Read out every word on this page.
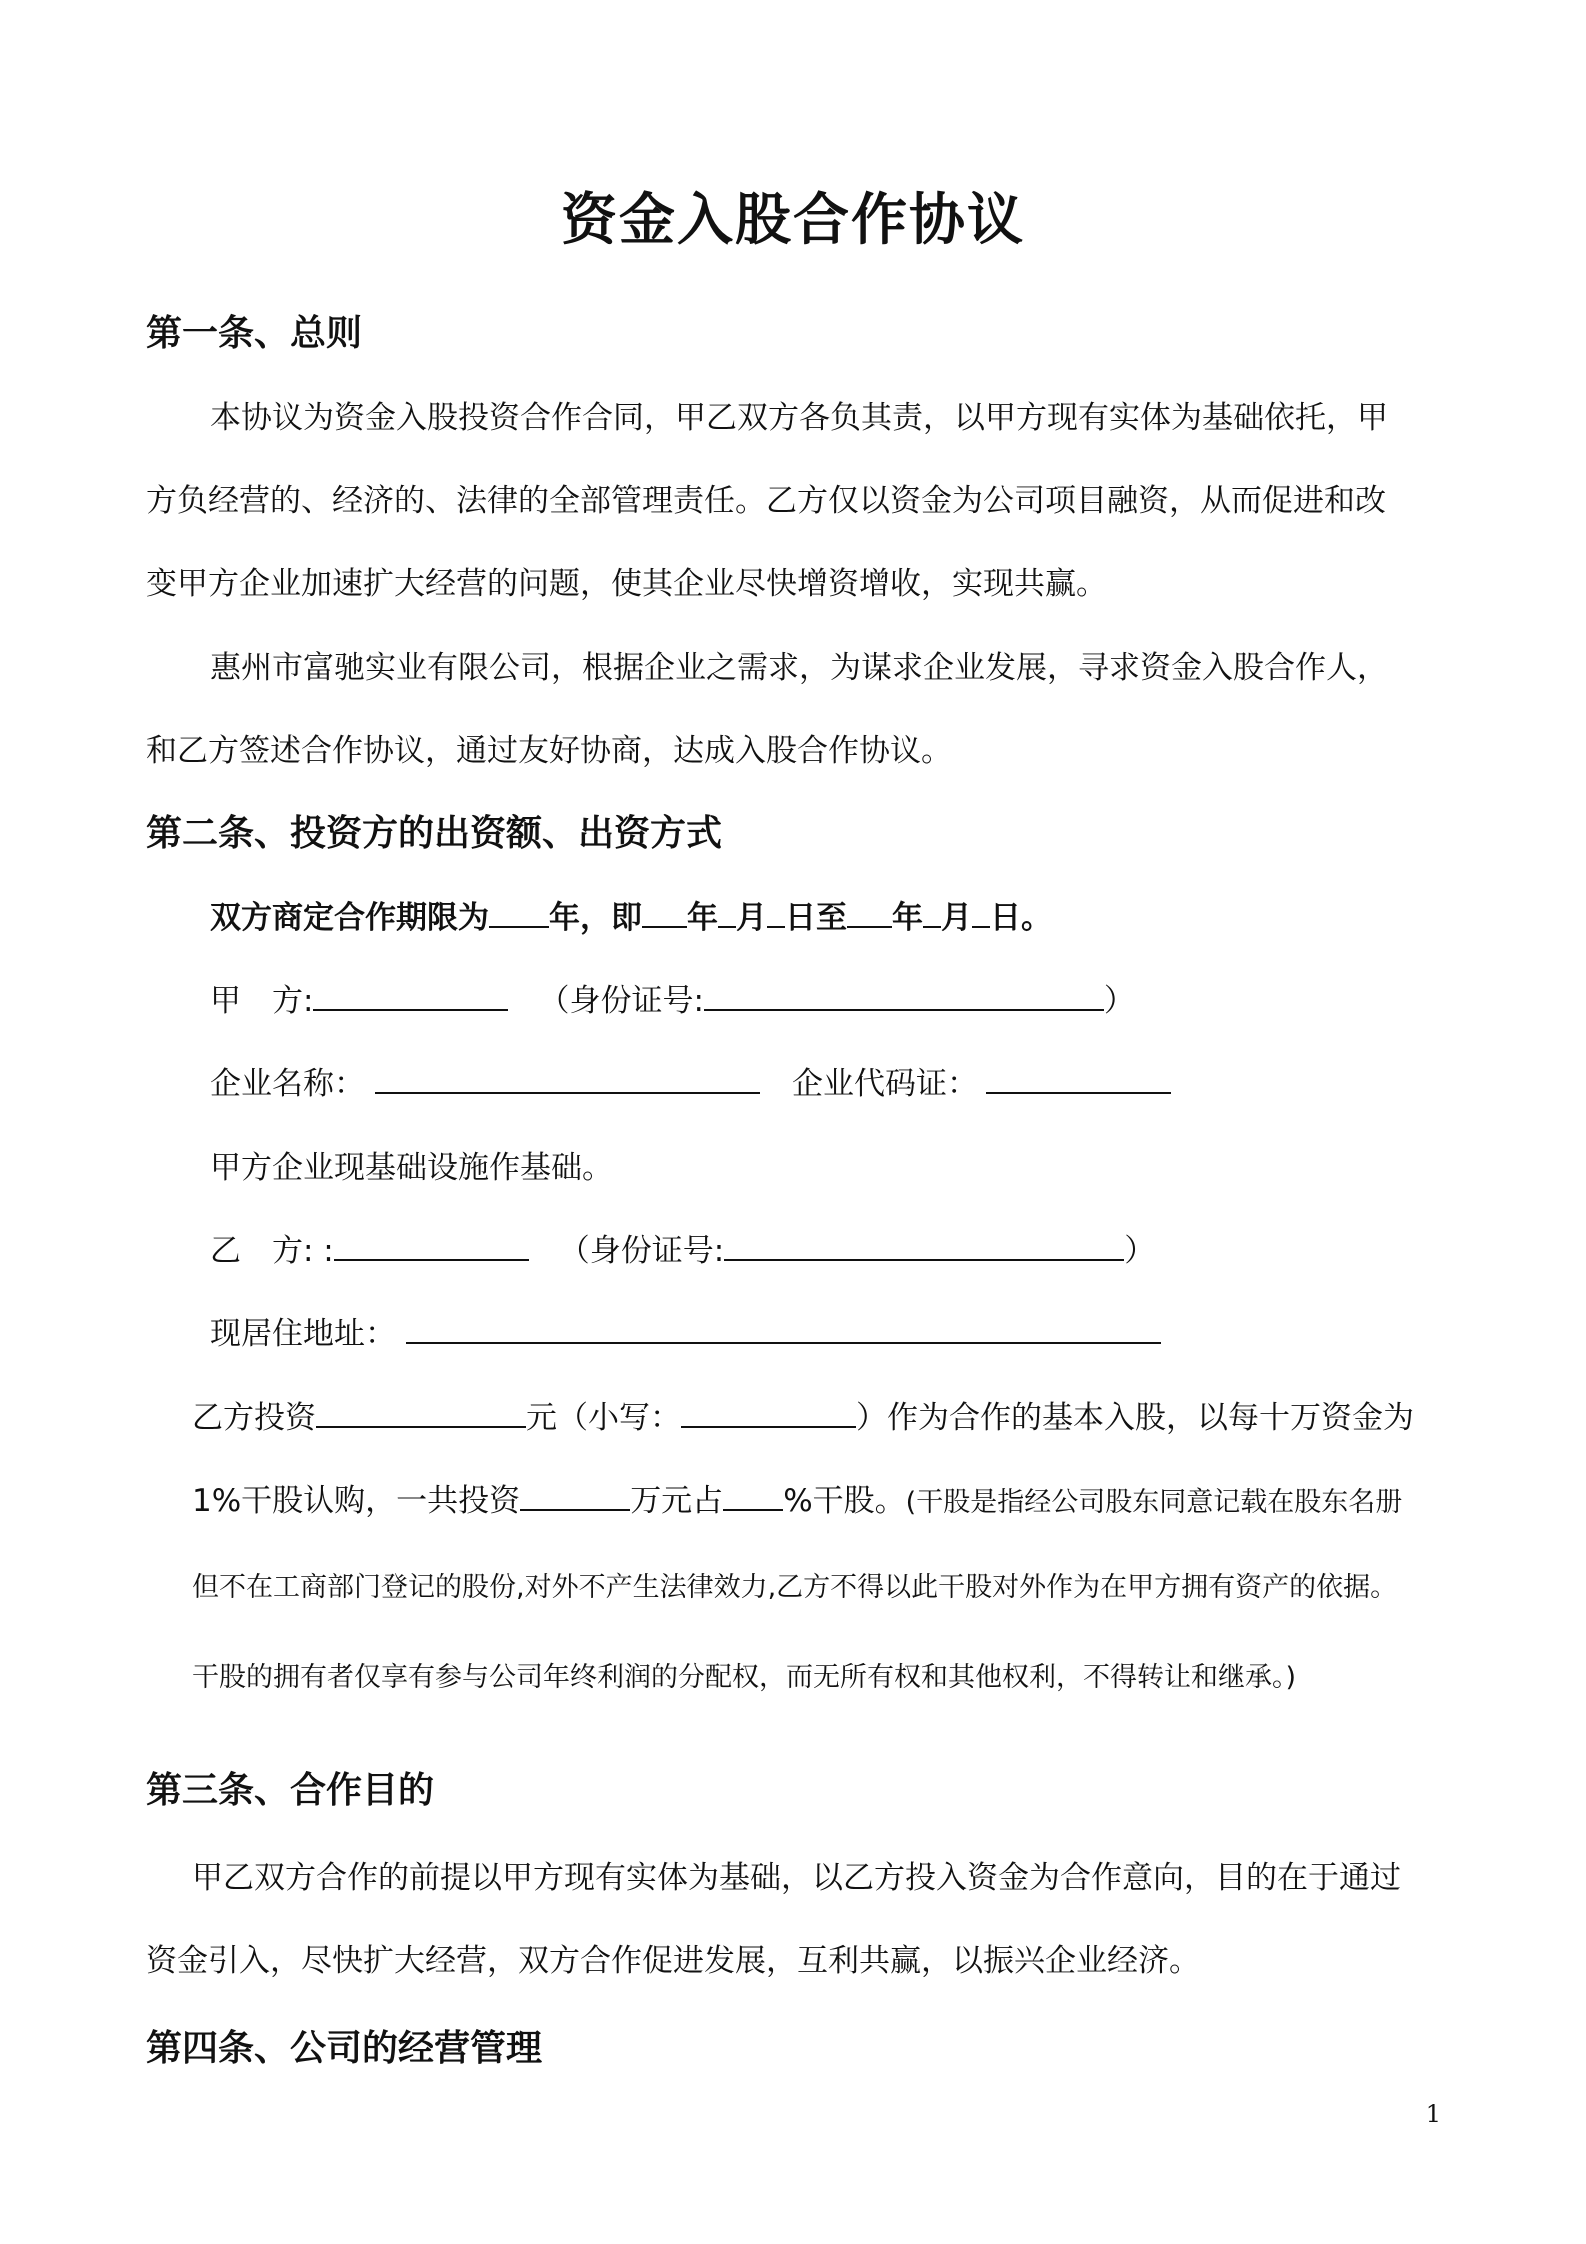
资金入股合作协议
第一条、总则
本协议为资金入股投资合作合同，甲乙双方各负其责，以甲方现有实体为基础依托，甲
方负经营的、经济的、法律的全部管理责任。乙方仅以资金为公司项目融资，从而促进和改
变甲方企业加速扩大经营的问题，使其企业尽快增资增收，实现共赢。
惠州市富驰实业有限公司，根据企业之需求，为谋求企业发展，寻求资金入股合作人，
和乙方签述合作协议，通过友好协商，达成入股合作协议。
第二条、投资方的出资额、出资方式
双方商定合作期限为 年，即 年 月 日至 年 月 日。
甲　方:	（身份证号:	）
企业名称：	企业代码证：
甲方企业现基础设施作基础。
乙　方: :	（身份证号:	）
现居住地址：
乙方投资	元（小写：	）作为合作的基本入股，以每十万资金为
1%干股认购，一共投资	万元占 %干股。(干股是指经公司股东同意记载在股东名册
但不在工商部门登记的股份,对外不产生法律效力,乙方不得以此干股对外作为在甲方拥有资产的依据。
干股的拥有者仅享有参与公司年终利润的分配权，而无所有权和其他权利，不得转让和继承。)
第三条、合作目的
甲乙双方合作的前提以甲方现有实体为基础，以乙方投入资金为合作意向，目的在于通过
资金引入，尽快扩大经营，双方合作促进发展，互利共赢，以振兴企业经济。
第四条、公司的经营管理
1
